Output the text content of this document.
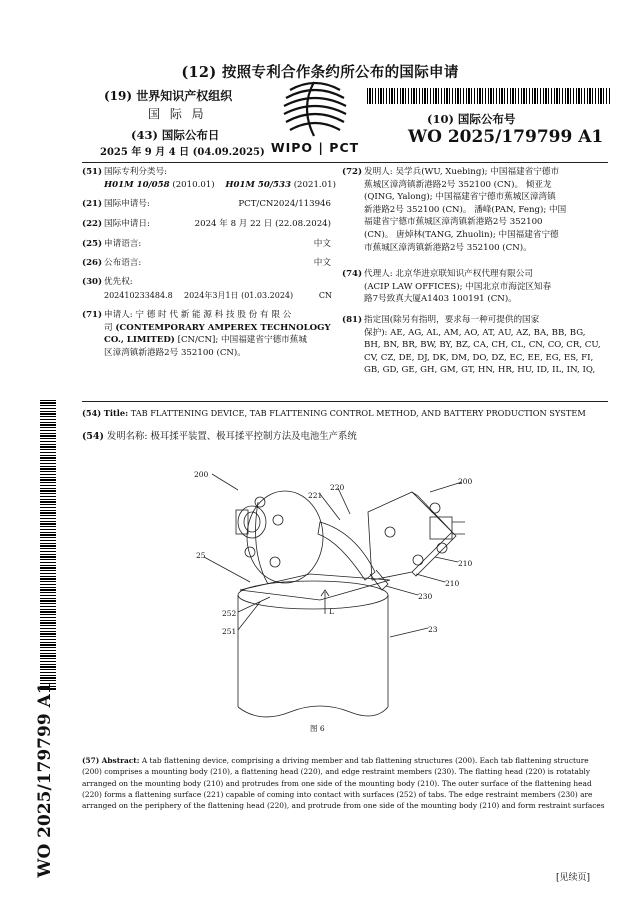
(12) 按照专利合作条约所公布的国际申请
(19) 世界知识产权组织
国 际 局
(43) 国际公布日
2025 年 9 月 4 日 (04.09.2025) WIPO | PCT
(10) 国际公布号
WO 2025/179799 A1
(51) 国际专利分类号:
H01M 10/058 (2010.01) H01M 50/533 (2021.01)
(21) 国际申请号:	PCT/CN2024/113946
(22) 国际申请日:	2024 年 8 月 22 日 (22.08.2024)
(25) 申请语言:	中文
(26) 公布语言:	中文
(30) 优先权:
202410233484.8 2024年3月1日 (01.03.2024)	CN
(71) 申请人: 宁 德 时 代 新 能 源 科 技 股 份 有 限 公
司 (CONTEMPORARY AMPEREX TECHNOLOGY
CO., LIMITED) [CN/CN]; 中国福建省宁德市蕉城
区漳湾镇新港路2号 352100 (CN)。
(72) 发明人: 吴学兵(WU, Xuebing); 中国福建省宁德市
蕉城区漳湾镇新港路2号 352100 (CN)。 倾亚龙
(QING, Yalong); 中国福建省宁德市蕉城区漳湾镇
新港路2号 352100 (CN)。 潘峰(PAN, Feng); 中国
福建省宁德市蕉城区漳湾镇新港路2号 352100
(CN)。 唐焯林(TANG, Zhuolin); 中国福建省宁德
市蕉城区漳湾镇新港路2号 352100 (CN)。
(74) 代理人: 北京华进京联知识产权代理有限公司
(ACIP LAW OFFICES); 中国北京市海淀区知春
路7号致真大厦A1403 100191 (CN)。
(81) 指定国(除另有指明，要求每一种可提供的国家
保护): AE, AG, AL, AM, AO, AT, AU, AZ, BA, BB, BG,
BH, BN, BR, BW, BY, BZ, CA, CH, CL, CN, CO, CR, CU,
CV, CZ, DE, DJ, DK, DM, DO, DZ, EC, EE, EG, ES, FI,
GB, GD, GE, GH, GM, GT, HN, HR, HU, ID, IL, IN, IQ,
(54) Title: TAB FLATTENING DEVICE, TAB FLATTENING CONTROL METHOD, AND BATTERY PRODUCTION SYSTEM
(54) 发明名称: 极耳揉平装置、极耳揉平控制方法及电池生产系统
200
221
220
200
25
210
210
230
252	L
251	23
图 6
(57) Abstract: A tab flattening device, comprising a driving member and tab flattening structures (200). Each tab flattening structure
(200) comprises a mounting body (210), a flattening head (220), and edge restraint members (230). The flatting head (220) is rotatably
arranged on the mounting body (210) and protrudes from one side of the mounting body (210). The outer surface of the flattening head
(220) forms a flattening surface (221) capable of coming into contact with surfaces (252) of tabs. The edge restraint members (230) are
arranged on the periphery of the flattening head (220), and protrude from one side of the mounting body (210) and form restraint surfaces
WO 2025/179799 A1
[见续页]
